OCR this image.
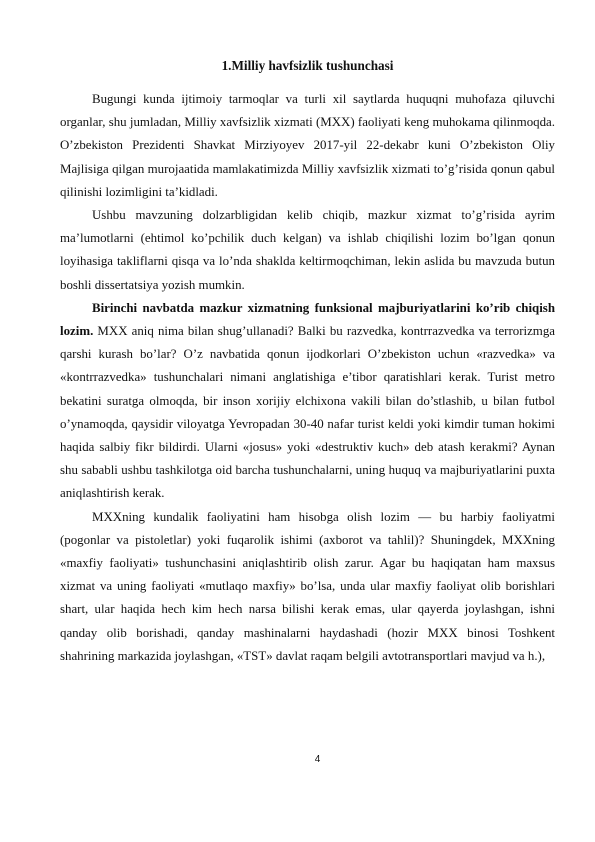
1.Milliy havfsizlik tushunchasi

Bugungi kunda ijtimoiy tarmoqlar va turli xil saytlarda huquqni muhofaza qiluvchi organlar, shu jumladan, Milliy xavfsizlik xizmati (MXX) faoliyati keng muhokama qilinmoqda. O’zbekiston Prezidenti Shavkat Mirziyoyev 2017-yil 22-dekabr kuni O’zbekiston Oliy Majlisiga qilgan murojaatida mamlakatimizda Milliy xavfsizlik xizmati to’g’risida qonun qabul qilinishi lozimligini ta’kidladi.

Ushbu mavzuning dolzarbligidan kelib chiqib, mazkur xizmat to’g’risida ayrim ma’lumotlarni (ehtimol ko’pchilik duch kelgan) va ishlab chiqilishi lozim bo’lgan qonun loyihasiga takliflarni qisqa va lo’nda shaklda keltirmoqchiman, lekin aslida bu mavzuda butun boshli dissertatsiya yozish mumkin.

Birinchi navbatda mazkur xizmatning funksional majburiyatlarini ko’rib chiqish lozim. MXX aniq nima bilan shug’ullanadi? Balki bu razvedka, kontrrazvedka va terrorizmga qarshi kurash bo’lar? O’z navbatida qonun ijodkorlari O’zbekiston uchun «razvedka» va «kontrrazvedka» tushunchalari nimani anglatishiga e’tibor qaratishlari kerak. Turist metro bekatini suratga olmoqda, bir inson xorijiy elchixona vakili bilan do’stlashib, u bilan futbol o’ynamoqda, qaysidir viloyatga Yevropadan 30-40 nafar turist keldi yoki kimdir tuman hokimi haqida salbiy fikr bildirdi. Ularni «josus» yoki «destruktiv kuch» deb atash kerakmi? Aynan shu sababli ushbu tashkilotga oid barcha tushunchalarni, uning huquq va majburiyatlarini puxta aniqlashtirish kerak.

MXXning kundalik faoliyatini ham hisobga olish lozim — bu harbiy faoliyatmi (pogonlar va pistoletlar) yoki fuqarolik ishimi (axborot va tahlil)? Shuningdek, MXXning «maxfiy faoliyati» tushunchasini aniqlashtirib olish zarur. Agar bu haqiqatan ham maxsus xizmat va uning faoliyati «mutlaqo maxfiy» bo’lsa, unda ular maxfiy faoliyat olib borishlari shart, ular haqida hech kim hech narsa bilishi kerak emas, ular qayerda joylashgan, ishni qanday olib borishadi, qanday mashinalarni haydashadi (hozir MXX binosi Toshkent shahrining markazida joylashgan, «TST» davlat raqam belgili avtotransportlari mavjud va h.),

4
